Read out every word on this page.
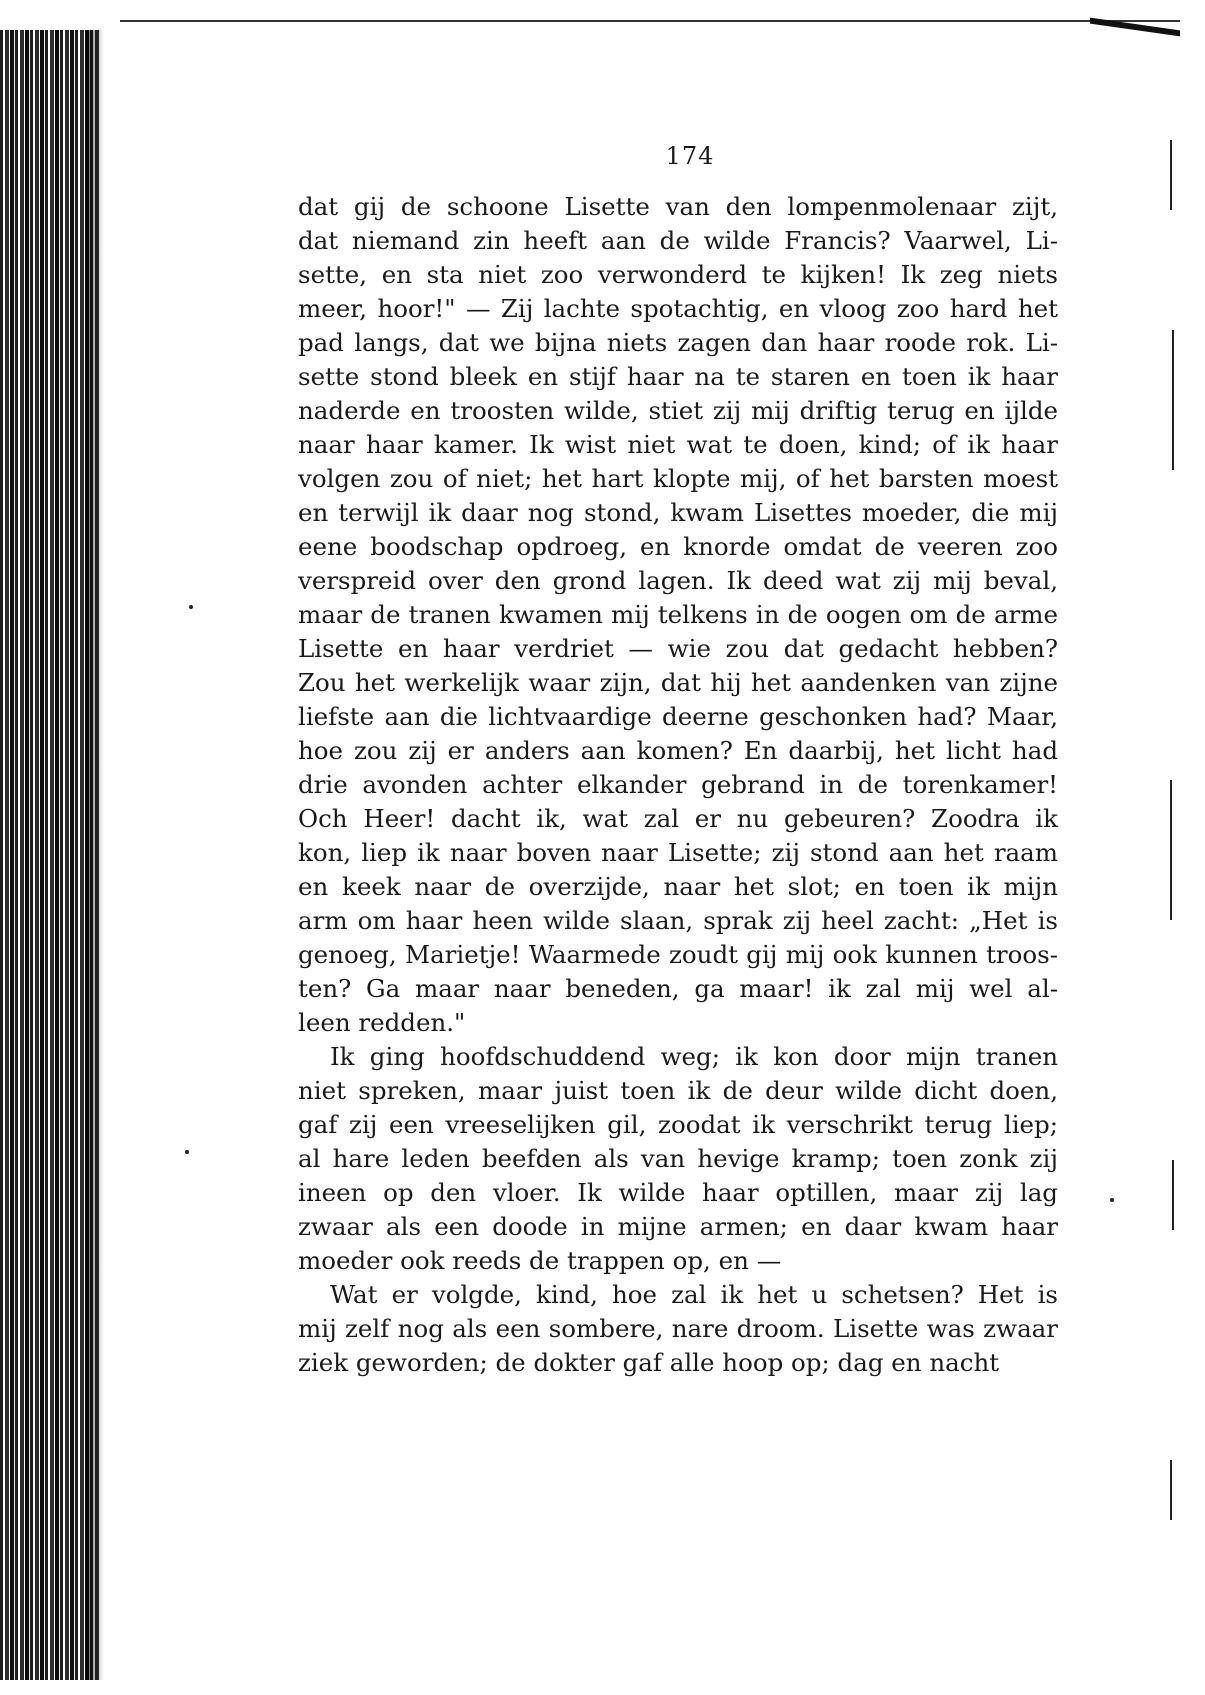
174
dat gij de schoone Lisette van den lompenmolenaar zijt,
dat niemand zin heeft aan de wilde Francis? Vaarwel, Li-
sette, en sta niet zoo verwonderd te kijken! Ik zeg niets
meer, hoor!" — Zij lachte spotachtig, en vloog zoo hard het
pad langs, dat we bijna niets zagen dan haar roode rok. Li-
sette stond bleek en stijf haar na te staren en toen ik haar
naderde en troosten wilde, stiet zij mij driftig terug en ijlde
naar haar kamer. Ik wist niet wat te doen, kind; of ik haar
volgen zou of niet; het hart klopte mij, of het barsten moest
en terwijl ik daar nog stond, kwam Lisettes moeder, die mij
eene boodschap opdroeg, en knorde omdat de veeren zoo
verspreid over den grond lagen. Ik deed wat zij mij beval,
maar de tranen kwamen mij telkens in de oogen om de arme
Lisette en haar verdriet — wie zou dat gedacht hebben?
Zou het werkelijk waar zijn, dat hij het aandenken van zijne
liefste aan die lichtvaardige deerne geschonken had? Maar,
hoe zou zij er anders aan komen? En daarbij, het licht had
drie avonden achter elkander gebrand in de torenkamer!
Och Heer! dacht ik, wat zal er nu gebeuren? Zoodra ik
kon, liep ik naar boven naar Lisette; zij stond aan het raam
en keek naar de overzijde, naar het slot; en toen ik mijn
arm om haar heen wilde slaan, sprak zij heel zacht: „Het is
genoeg, Marietje! Waarmede zoudt gij mij ook kunnen troos-
ten? Ga maar naar beneden, ga maar! ik zal mij wel al-
leen redden."
Ik ging hoofdschuddend weg; ik kon door mijn tranen
niet spreken, maar juist toen ik de deur wilde dicht doen,
gaf zij een vreeselijken gil, zoodat ik verschrikt terug liep;
al hare leden beefden als van hevige kramp; toen zonk zij
ineen op den vloer. Ik wilde haar optillen, maar zij lag
zwaar als een doode in mijne armen; en daar kwam haar
moeder ook reeds de trappen op, en —
Wat er volgde, kind, hoe zal ik het u schetsen? Het is
mij zelf nog als een sombere, nare droom. Lisette was zwaar
ziek geworden; de dokter gaf alle hoop op; dag en nacht
